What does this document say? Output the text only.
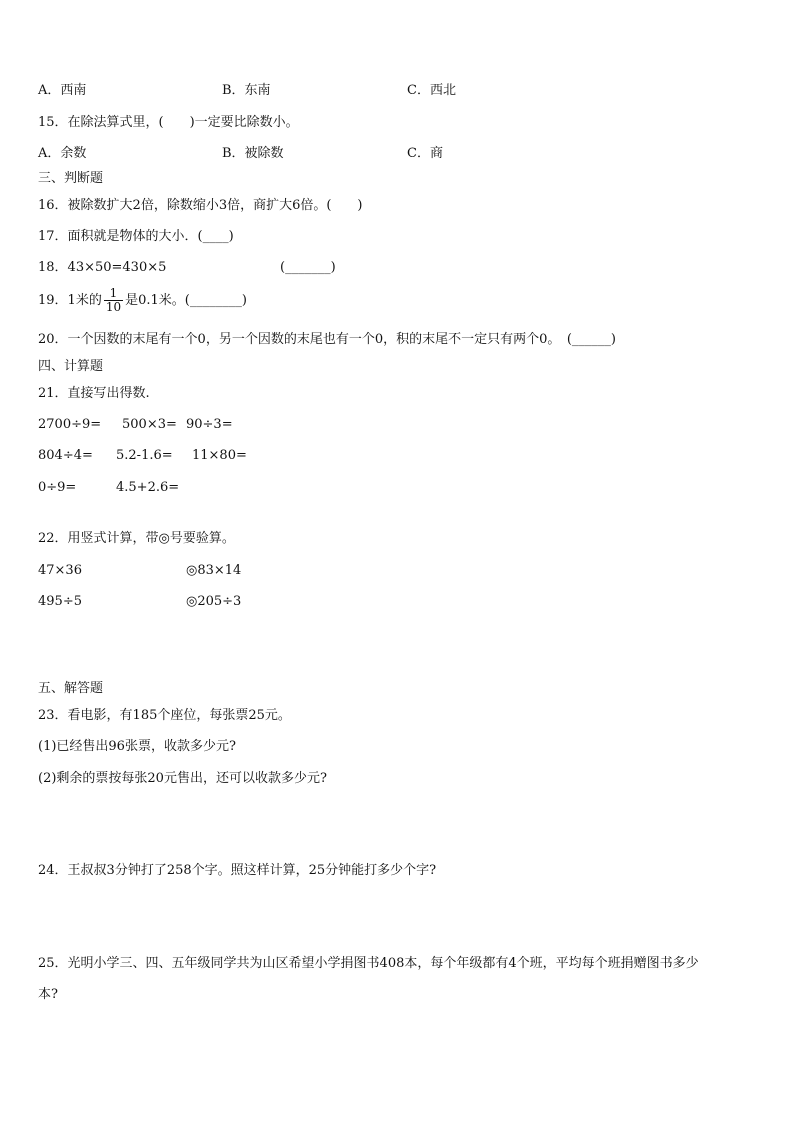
A．西南	B．东南	C．西北
15．在除法算式里，(　　)一定要比除数小。
A．余数	B．被除数	C．商
三、判断题
16．被除数扩大2倍，除数缩小3倍，商扩大6倍。(　　)
17．面积就是物体的大小．(____)
18．43×50=430×5	(_______)
19．1米的 $\frac{1}{10}$ 是0.1米。(________)
20．一个因数的末尾有一个0，另一个因数的末尾也有一个0，积的末尾不一定只有两个0。　(______)
四、计算题
21．直接写出得数.
2700÷9= 500×3= 90÷3=
804÷4= 5.2-1.6= 11×80=
0÷9=	4.5+2.6=
22．用竖式计算，带◎号要验算。
47×36	◎83×14
495÷5	◎205÷3
五、解答题
23．看电影，有185个座位，每张票25元。
(1)已经售出96张票，收款多少元?
(2)剩余的票按每张20元售出，还可以收款多少元?
24．王叔叔3分钟打了258个字。照这样计算，25分钟能打多少个字?
25．光明小学三、四、五年级同学共为山区希望小学捐图书408本，每个年级都有4个班，平均每个班捐赠图书多少
本?
